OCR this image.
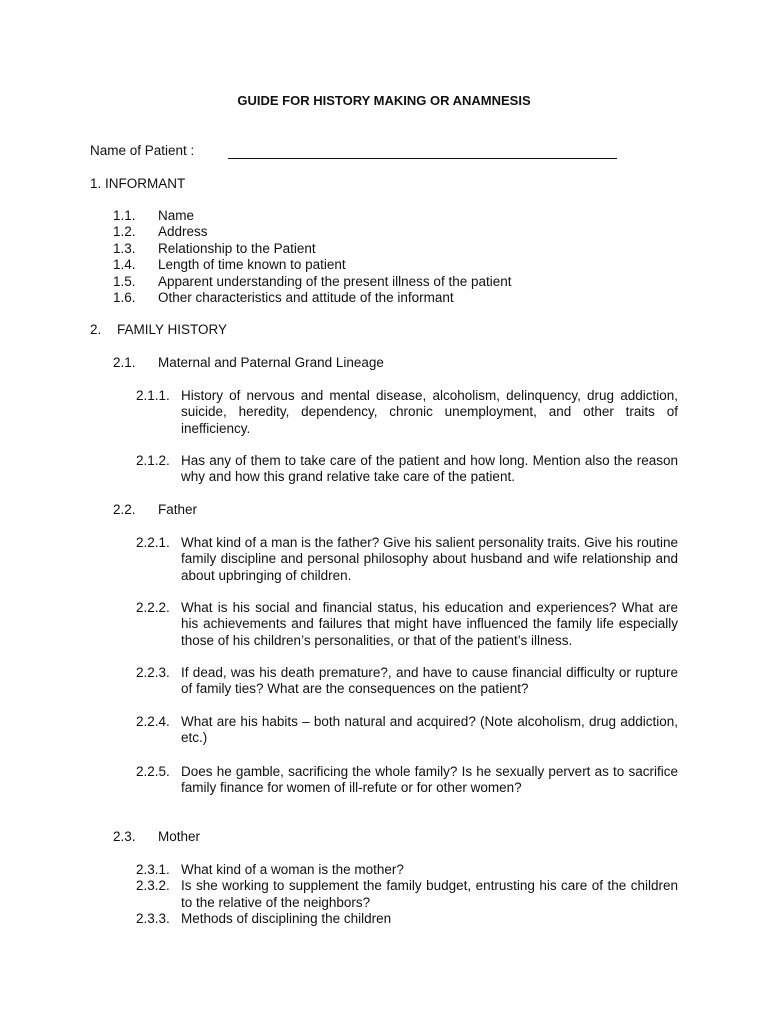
GUIDE FOR HISTORY MAKING OR ANAMNESIS
Name of Patient :
1. INFORMANT
1.1. Name
1.2. Address
1.3. Relationship to the Patient
1.4. Length of time known to patient
1.5. Apparent understanding of the present illness of the patient
1.6. Other characteristics and attitude of the informant
2. FAMILY HISTORY
2.1. Maternal and Paternal Grand Lineage
2.1.1. History of nervous and mental disease, alcoholism, delinquency, drug addiction, suicide, heredity, dependency, chronic unemployment, and other traits of inefficiency.
2.1.2. Has any of them to take care of the patient and how long. Mention also the reason why and how this grand relative take care of the patient.
2.2. Father
2.2.1. What kind of a man is the father? Give his salient personality traits. Give his routine family discipline and personal philosophy about husband and wife relationship and about upbringing of children.
2.2.2. What is his social and financial status, his education and experiences? What are his achievements and failures that might have influenced the family life especially those of his children’s personalities, or that of the patient’s illness.
2.2.3. If dead, was his death premature?, and have to cause financial difficulty or rupture of family ties? What are the consequences on the patient?
2.2.4. What are his habits – both natural and acquired? (Note alcoholism, drug addiction, etc.)
2.2.5. Does he gamble, sacrificing the whole family? Is he sexually pervert as to sacrifice family finance for women of ill-refute or for other women?
2.3. Mother
2.3.1. What kind of a woman is the mother?
2.3.2. Is she working to supplement the family budget, entrusting his care of the children to the relative of the neighbors?
2.3.3. Methods of disciplining the children
